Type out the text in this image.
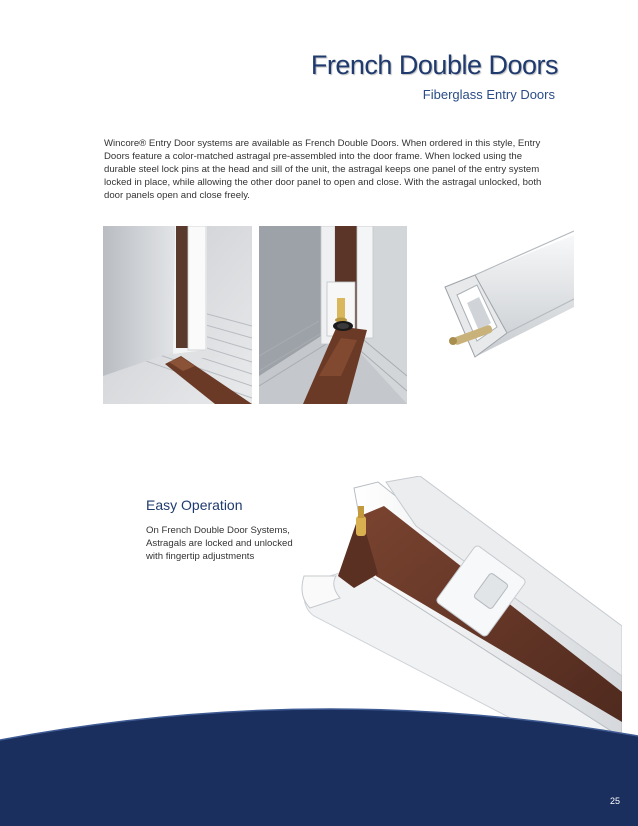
French Double Doors
Fiberglass Entry Doors

Wincore® Entry Door systems are available as French Double Doors. When ordered in this style, Entry Doors feature a color-matched astragal pre-assembled into the door frame. When locked using the durable steel lock pins at the head and sill of the unit, the astragal keeps one panel of the entry system locked in place, while allowing the other door panel to open and close. With the astragal unlocked, both door panels open and close freely.

Easy Operation

On French Double Door Systems, Astragals are locked and unlocked with fingertip adjustments

25
